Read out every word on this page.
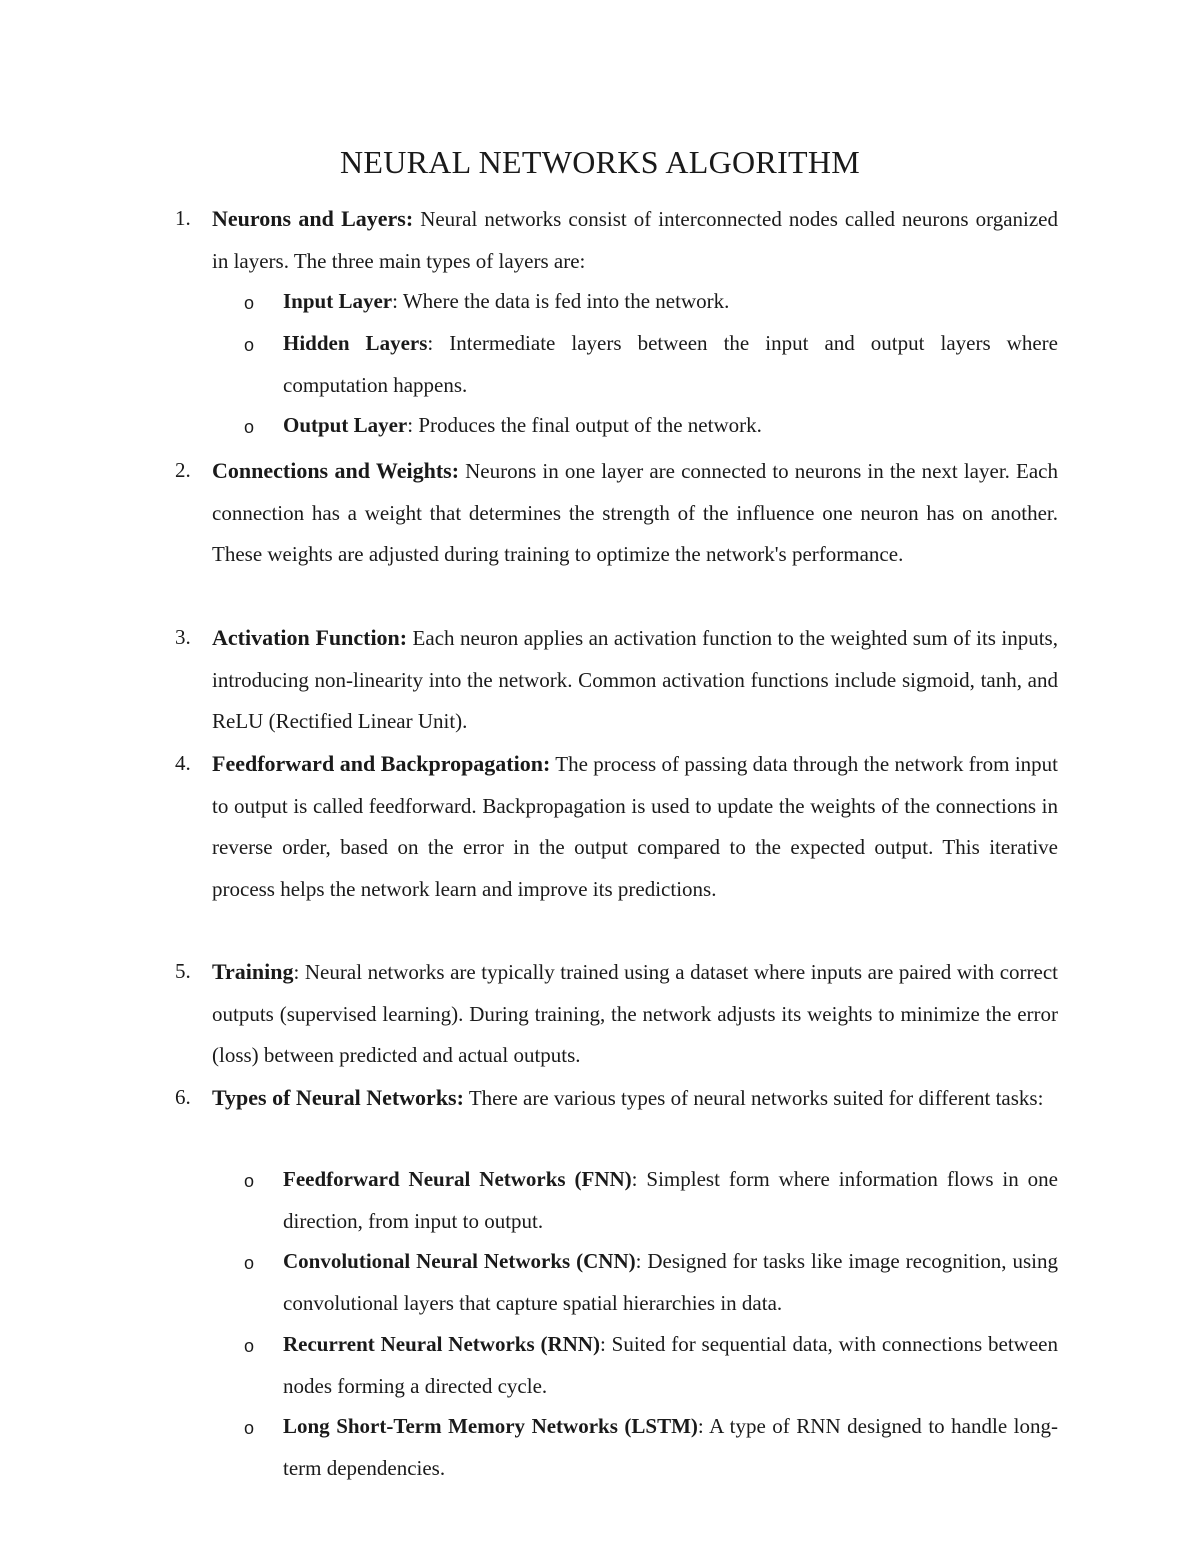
NEURAL NETWORKS ALGORITHM
1. Neurons and Layers: Neural networks consist of interconnected nodes called neurons organized in layers. The three main types of layers are:
o Input Layer: Where the data is fed into the network.
o Hidden Layers: Intermediate layers between the input and output layers where computation happens.
o Output Layer: Produces the final output of the network.
2. Connections and Weights: Neurons in one layer are connected to neurons in the next layer. Each connection has a weight that determines the strength of the influence one neuron has on another. These weights are adjusted during training to optimize the network's performance.
3. Activation Function: Each neuron applies an activation function to the weighted sum of its inputs, introducing non-linearity into the network. Common activation functions include sigmoid, tanh, and ReLU (Rectified Linear Unit).
4. Feedforward and Backpropagation: The process of passing data through the network from input to output is called feedforward. Backpropagation is used to update the weights of the connections in reverse order, based on the error in the output compared to the expected output. This iterative process helps the network learn and improve its predictions.
5. Training: Neural networks are typically trained using a dataset where inputs are paired with correct outputs (supervised learning). During training, the network adjusts its weights to minimize the error (loss) between predicted and actual outputs.
6. Types of Neural Networks: There are various types of neural networks suited for different tasks:
o Feedforward Neural Networks (FNN): Simplest form where information flows in one direction, from input to output.
o Convolutional Neural Networks (CNN): Designed for tasks like image recognition, using convolutional layers that capture spatial hierarchies in data.
o Recurrent Neural Networks (RNN): Suited for sequential data, with connections between nodes forming a directed cycle.
o Long Short-Term Memory Networks (LSTM): A type of RNN designed to handle long-term dependencies.
